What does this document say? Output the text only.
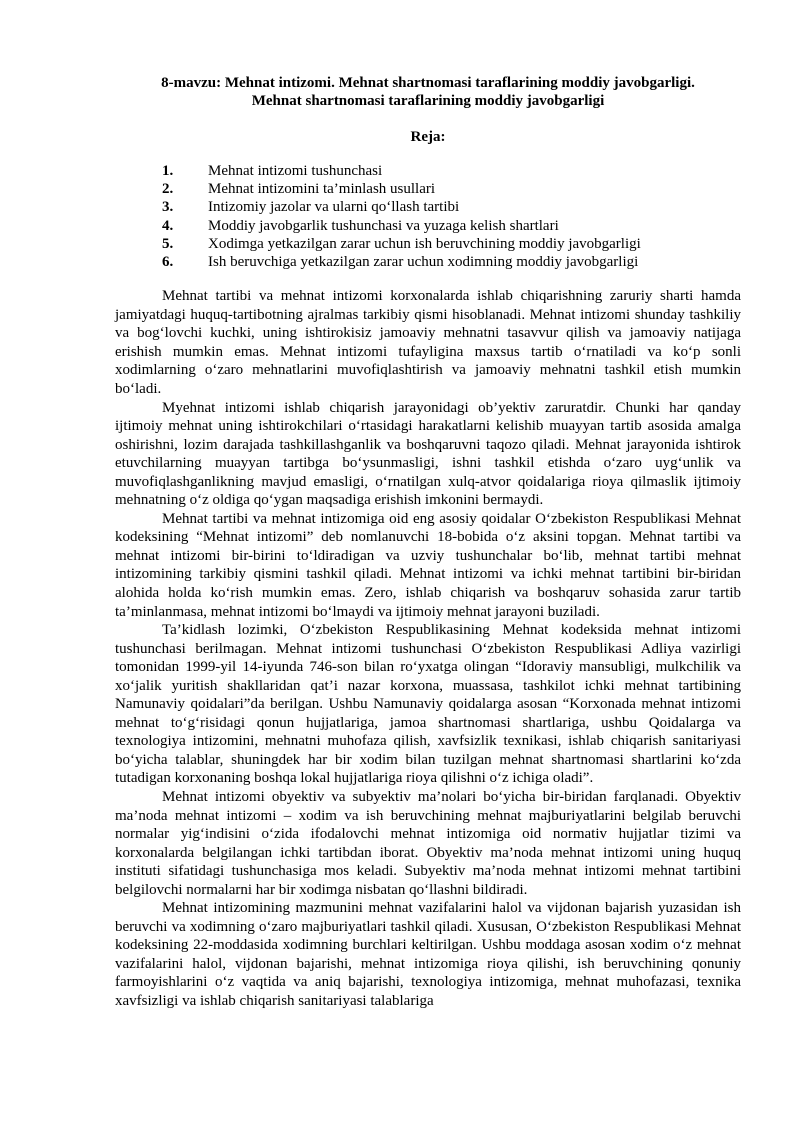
8-mavzu: Mehnat intizomi. Mehnat shartnomasi taraflarining moddiy javobgarligi.
Mehnat shartnomasi taraflarining moddiy javobgarligi

Reja:

1.	Mehnat intizomi tushunchasi
2.	Mehnat intizomini ta’minlash usullari
3.	Intizomiy jazolar va ularni qo‘llash tartibi
4.	Moddiy javobgarlik tushunchasi va yuzaga kelish shartlari
5.	Xodimga yetkazilgan zarar uchun ish beruvchining moddiy javobgarligi
6.	Ish beruvchiga yetkazilgan zarar uchun xodimning moddiy javobgarligi

Mehnat tartibi va mehnat intizomi korxonalarda ishlab chiqarishning zaruriy sharti hamda jamiyatdagi huquq-tartibotning ajralmas tarkibiy qismi hisoblanadi. Mehnat intizomi shunday tashkiliy va bog‘lovchi kuchki, uning ishtirokisiz jamoaviy mehnatni tasavvur qilish va jamoaviy natijaga erishish mumkin emas. Mehnat intizomi tufayligina maxsus tartib o‘rnatiladi va ko‘p sonli xodimlarning o‘zaro mehnatlarini muvofiqlashtirish va jamoaviy mehnatni tashkil etish mumkin bo‘ladi.

Myehnat intizomi ishlab chiqarish jarayonidagi ob’yektiv zaruratdir. Chunki har qanday ijtimoiy mehnat uning ishtirokchilari o‘rtasidagi harakatlarni kelishib muayyan tartib asosida amalga oshirishni, lozim darajada tashkillashganlik va boshqaruvni taqozo qiladi. Mehnat jarayonida ishtirok etuvchilarning muayyan tartibga bo‘ysunmasligi, ishni tashkil etishda o‘zaro uyg‘unlik va muvofiqlashganlikning mavjud emasligi, o‘rnatilgan xulq-atvor qoidalariga rioya qilmaslik ijtimoiy mehnatning o‘z oldiga qo‘ygan maqsadiga erishish imkonini bermaydi.

Mehnat tartibi va mehnat intizomiga oid eng asosiy qoidalar O‘zbekiston Respublikasi Mehnat kodeksining “Mehnat intizomi” deb nomlanuvchi 18-bobida o‘z aksini topgan. Mehnat tartibi va mehnat intizomi bir-birini to‘ldiradigan va uzviy tushunchalar bo‘lib, mehnat tartibi mehnat intizomining tarkibiy qismini tashkil qiladi. Mehnat intizomi va ichki mehnat tartibini bir-biridan alohida holda ko‘rish mumkin emas. Zero, ishlab chiqarish va boshqaruv sohasida zarur tartib ta’minlanmasa, mehnat intizomi bo‘lmaydi va ijtimoiy mehnat jarayoni buziladi.

Ta’kidlash lozimki, O‘zbekiston Respublikasining Mehnat kodeksida mehnat intizomi tushunchasi berilmagan. Mehnat intizomi tushunchasi O‘zbekiston Respublikasi Adliya vazirligi tomonidan 1999-yil 14-iyunda 746-son bilan ro‘yxatga olingan “Idoraviy mansubligi, mulkchilik va xo‘jalik yuritish shakllaridan qat’i nazar korxona, muassasa, tashkilot ichki mehnat tartibining Namunaviy qoidalari”da berilgan. Ushbu Namunaviy qoidalarga asosan “Korxonada mehnat intizomi mehnat to‘g‘risidagi qonun hujjatlariga, jamoa shartnomasi shartlariga, ushbu Qoidalarga va texnologiya intizomini, mehnatni muhofaza qilish, xavfsizlik texnikasi, ishlab chiqarish sanitariyasi bo‘yicha talablar, shuningdek har bir xodim bilan tuzilgan mehnat shartnomasi shartlarini ko‘zda tutadigan korxonaning boshqa lokal hujjatlariga rioya qilishni o‘z ichiga oladi”.

Mehnat intizomi obyektiv va subyektiv ma’nolari bo‘yicha bir-biridan farqlanadi. Obyektiv ma’noda mehnat intizomi – xodim va ish beruvchining mehnat majburiyatlarini belgilab beruvchi normalar yig‘indisini o‘zida ifodalovchi mehnat intizomiga oid normativ hujjatlar tizimi va korxonalarda belgilangan ichki tartibdan iborat. Obyektiv ma’noda mehnat intizomi uning huquq instituti sifatidagi tushunchasiga mos keladi. Subyektiv ma’noda mehnat intizomi mehnat tartibini belgilovchi normalarni har bir xodimga nisbatan qo‘llashni bildiradi.

Mehnat intizomining mazmunini mehnat vazifalarini halol va vijdonan bajarish yuzasidan ish beruvchi va xodimning o‘zaro majburiyatlari tashkil qiladi. Xususan, O‘zbekiston Respublikasi Mehnat kodeksining 22-moddasida xodimning burchlari keltirilgan. Ushbu moddaga asosan xodim o‘z mehnat vazifalarini halol, vijdonan bajarishi, mehnat intizomiga rioya qilishi, ish beruvchining qonuniy farmoyishlarini o‘z vaqtida va aniq bajarishi, texnologiya intizomiga, mehnat muhofazasi, texnika xavfsizligi va ishlab chiqarish sanitariyasi talablariga
